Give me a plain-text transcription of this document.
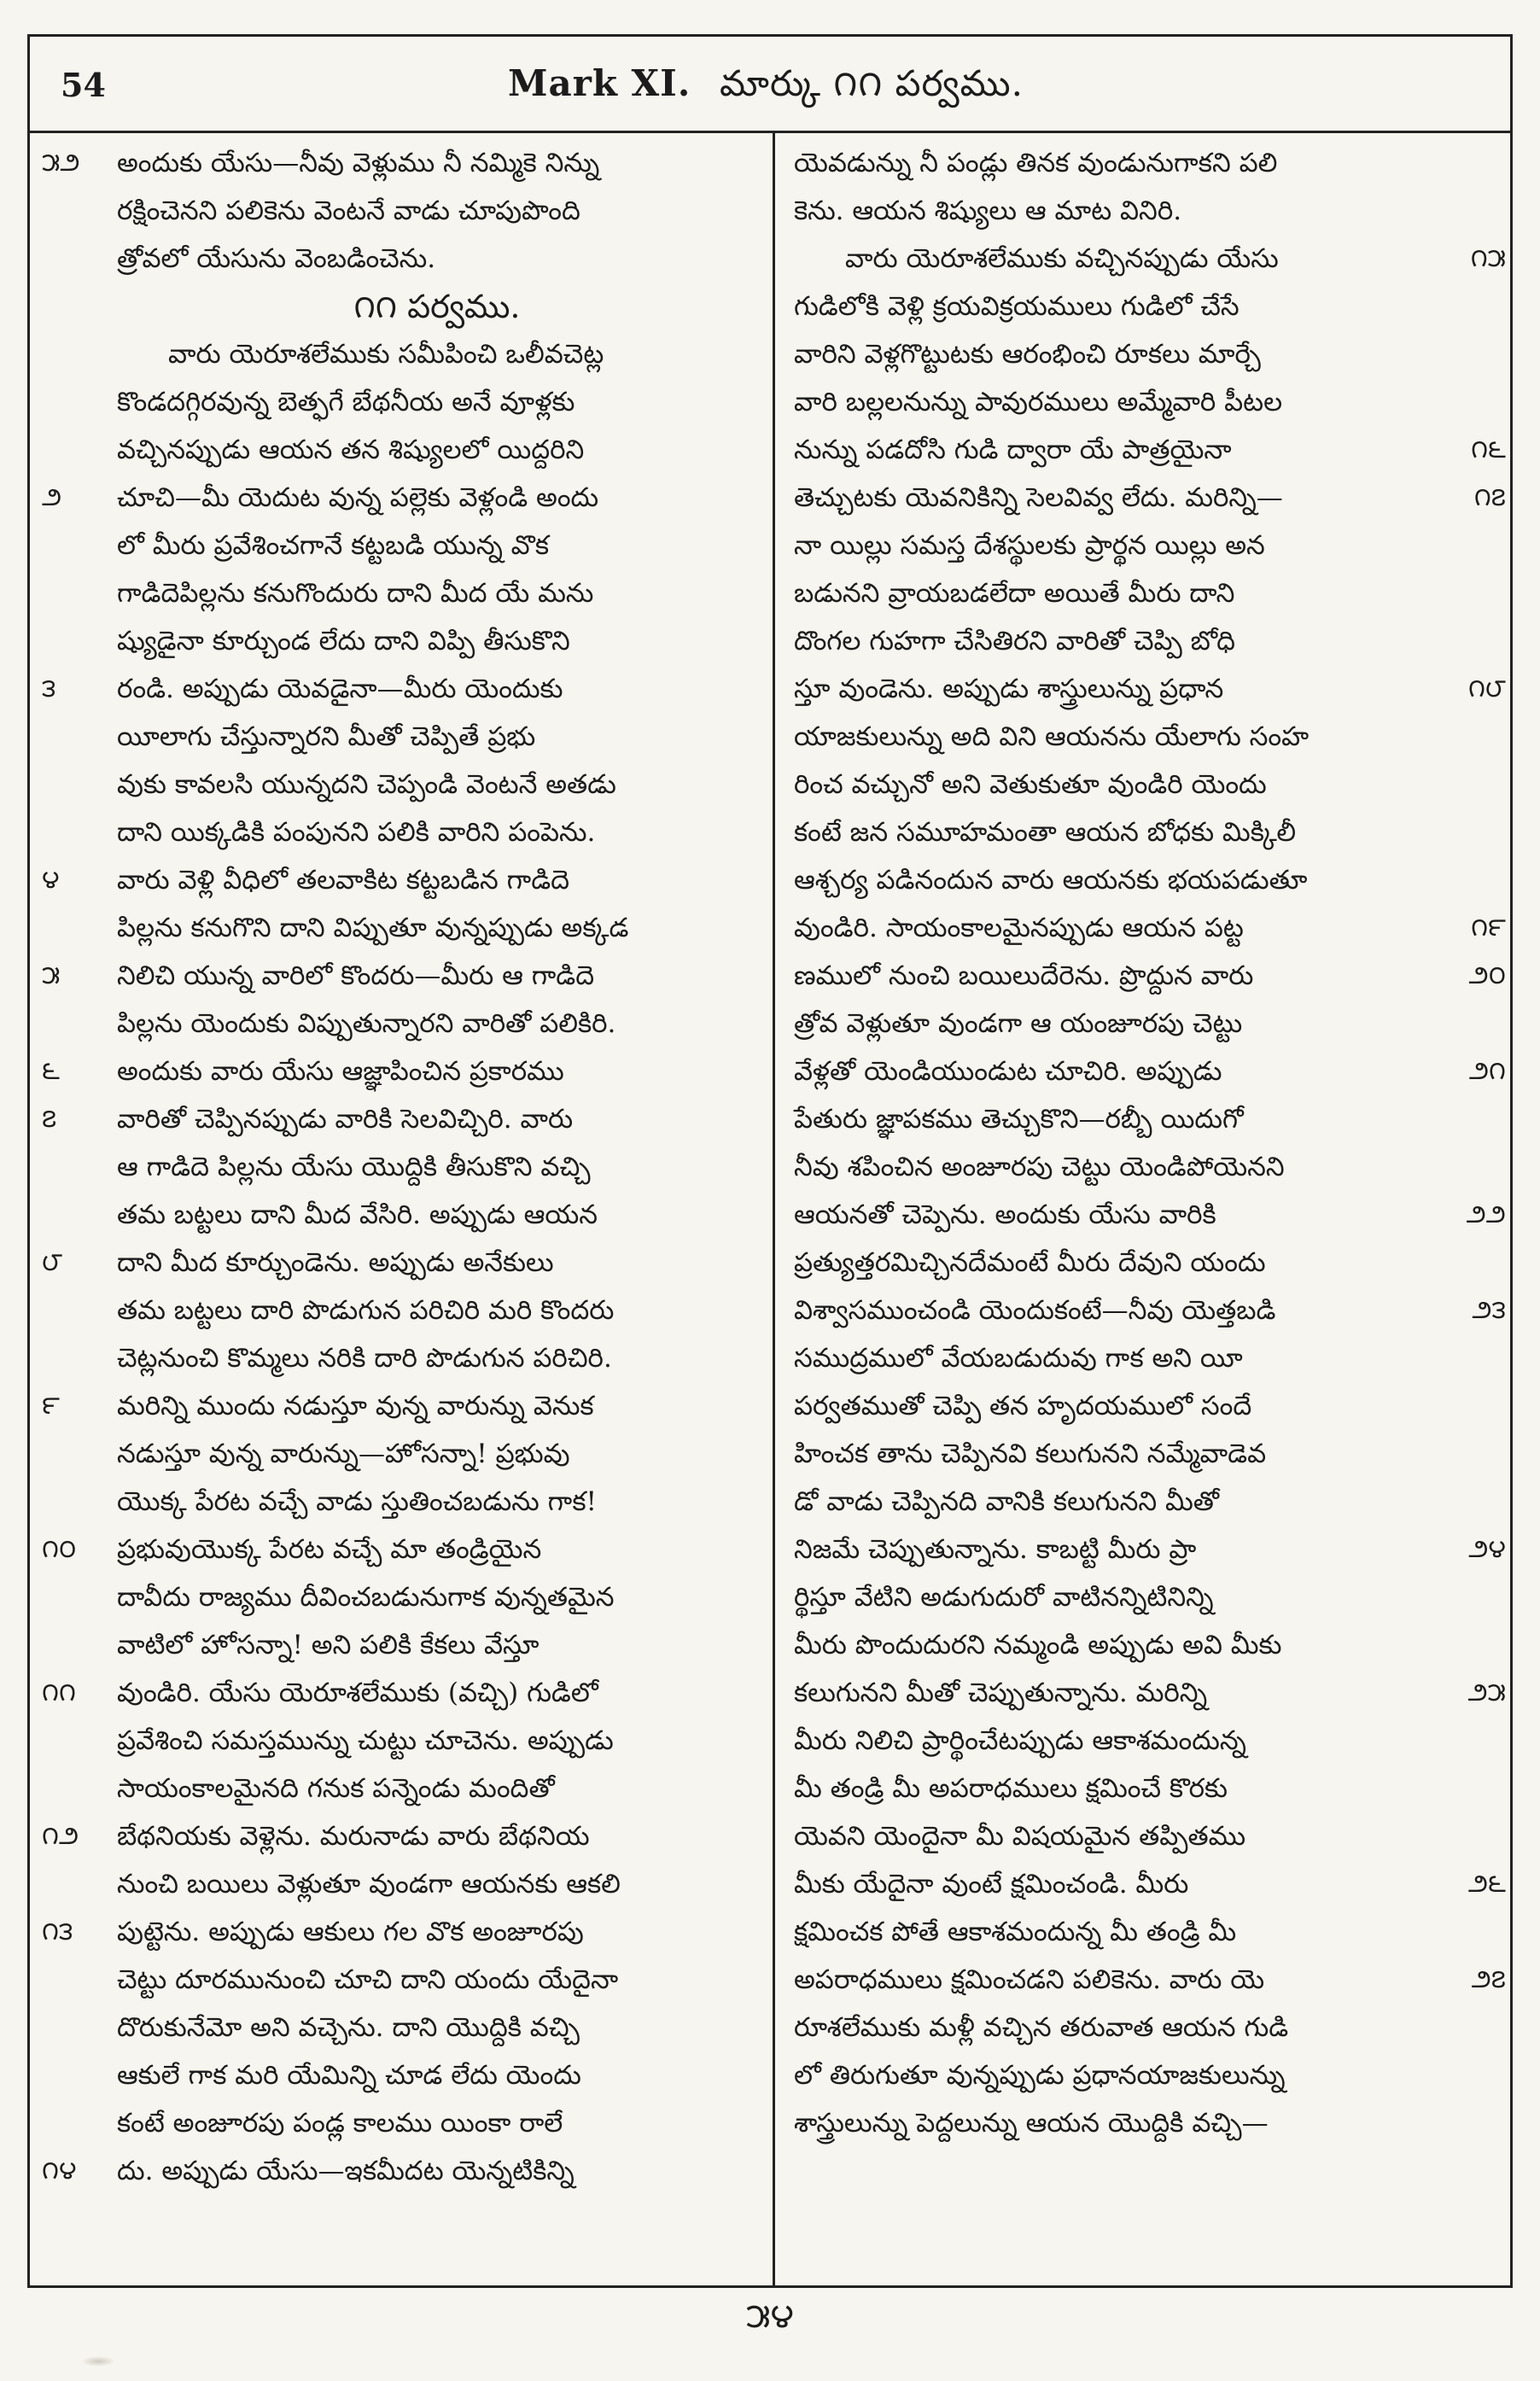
54	Mark XI. మార్కు ౧౧ పర్వము.
౫౨	అందుకు యేసు—నీవు వెళ్లుము నీ నమ్మికె నిన్ను
రక్షించెనని పలికెను వెంటనే వాడు చూపుపొంది
త్రోవలో యేసును వెంబడించెను.
౧౧ పర్వము.
వారు యెరూశలేముకు సమీపించి ఒలీవచెట్ల
కొండదగ్గిరవున్న బెత్ఫగే బేథనీయ అనే వూళ్లకు
వచ్చినప్పుడు ఆయన తన శిష్యులలో యిద్దరిని
౨	చూచి—మీ యెదుట వున్న పల్లెకు వెళ్లండి అందు
లో మీరు ప్రవేశించగానే కట్టబడి యున్న వొక
గాడిదెపిల్లను కనుగొందురు దాని మీద యే మను
ష్యుడైనా కూర్చుండ లేదు దాని విప్పి తీసుకొని
౩	రండి. అప్పుడు యెవడైనా—మీరు యెందుకు
యీలాగు చేస్తున్నారని మీతో చెప్పితే ప్రభు
వుకు కావలసి యున్నదని చెప్పండి వెంటనే అతడు
దాని యిక్కడికి పంపునని పలికి వారిని పంపెను.
౪	వారు వెళ్లి వీధిలో తలవాకిట కట్టబడిన గాడిదె
పిల్లను కనుగొని దాని విప్పుతూ వున్నప్పుడు అక్కడ
౫	నిలిచి యున్న వారిలో కొందరు—మీరు ఆ గాడిదె
పిల్లను యెందుకు విప్పుతున్నారని వారితో పలికిరి.
౬	అందుకు వారు యేసు ఆజ్ఞాపించిన ప్రకారము
౭	వారితో చెప్పినప్పుడు వారికి సెలవిచ్చిరి. వారు
ఆ గాడిదె పిల్లను యేసు యొద్దికి తీసుకొని వచ్చి
తమ బట్టలు దాని మీద వేసిరి. అప్పుడు ఆయన
౮	దాని మీద కూర్చుండెను. అప్పుడు అనేకులు
తమ బట్టలు దారి పొడుగున పరిచిరి మరి కొందరు
చెట్లనుంచి కొమ్మలు నరికి దారి పొడుగున పరిచిరి.
౯	మరిన్ని ముందు నడుస్తూ వున్న వారున్ను వెనుక
నడుస్తూ వున్న వారున్ను—హోసన్నా! ప్రభువు
యొక్క పేరట వచ్చే వాడు స్తుతించబడును గాక!
౧౦	ప్రభువుయొక్క పేరట వచ్చే మా తండ్రియైన
దావీదు రాజ్యము దీవించబడునుగాక వున్నతమైన
వాటిలో హోసన్నా! అని పలికి కేకలు వేస్తూ
౧౧	వుండిరి. యేసు యెరూశలేముకు (వచ్చి) గుడిలో
ప్రవేశించి సమస్తమున్ను చుట్టు చూచెను. అప్పుడు
సాయంకాలమైనది గనుక పన్నెండు మందితో
౧౨	బేథనియకు వెళ్లెను. మరునాడు వారు బేథనియ
నుంచి బయిలు వెళ్లుతూ వుండగా ఆయనకు ఆకలి
౧౩	పుట్టెను. అప్పుడు ఆకులు గల వొక అంజూరపు
చెట్టు దూరమునుంచి చూచి దాని యందు యేదైనా
దొరుకునేమో అని వచ్చెను. దాని యొద్దికి వచ్చి
ఆకులే గాక మరి యేమిన్ని చూడ లేదు యెందు
కంటే అంజూరపు పండ్ల కాలము యింకా రాలే
౧౪	దు. అప్పుడు యేసు—ఇకమీదట యెన్నటికిన్ని
యెవడున్ను నీ పండ్లు తినక వుండునుగాకని పలి
కెను. ఆయన శిష్యులు ఆ మాట వినిరి.
౧౫
వారు యెరూశలేముకు వచ్చినప్పుడు యేసు
గుడిలోకి వెళ్లి క్రయవిక్రయములు గుడిలో చేసే
వారిని వెళ్లగొట్టుటకు ఆరంభించి రూకలు మార్చే
వారి బల్లలనున్ను పావురములు అమ్మేవారి పీటల
౧౬
నున్ను పడదోసి గుడి ద్వారా యే పాత్రయైనా
౧౭
తెచ్చుటకు యెవనికిన్ని సెలవివ్వ లేదు. మరిన్ని—
నా యిల్లు సమస్త దేశస్థులకు ప్రార్థన యిల్లు అన
బడునని వ్రాయబడలేదా అయితే మీరు దాని
దొంగల గుహగా చేసితిరని వారితో చెప్పి బోధి
౧౮
స్తూ వుండెను. అప్పుడు శాస్త్రులున్ను ప్రధాన
యాజకులున్ను అది విని ఆయనను యేలాగు సంహ
రించ వచ్చునో అని వెతుకుతూ వుండిరి యెందు
కంటే జన సమూహమంతా ఆయన బోధకు మిక్కిలీ
ఆశ్చర్య పడినందున వారు ఆయనకు భయపడుతూ
౧౯
వుండిరి. సాయంకాలమైనప్పుడు ఆయన పట్ట
౨౦
ణములో నుంచి బయిలుదేరెను. ప్రొద్దున వారు
త్రోవ వెళ్లుతూ వుండగా ఆ యంజూరపు చెట్టు
౨౧
వేళ్లతో యెండియుండుట చూచిరి. అప్పుడు
పేతురు జ్ఞాపకము తెచ్చుకొని—రబ్బీ యిదుగో
నీవు శపించిన అంజూరపు చెట్టు యెండిపోయెనని
౨౨
ఆయనతో చెప్పెను. అందుకు యేసు వారికి
ప్రత్యుత్తరమిచ్చినదేమంటే మీరు దేవుని యందు
౨౩
విశ్వాసముంచండి యెందుకంటే—నీవు యెత్తబడి
సముద్రములో వేయబడుదువు గాక అని యీ
పర్వతముతో చెప్పి తన హృదయములో సందే
హించక తాను చెప్పినవి కలుగునని నమ్మేవాడెవ
డో వాడు చెప్పినది వానికి కలుగునని మీతో
౨౪
నిజమే చెప్పుతున్నాను. కాబట్టి మీరు ప్రా
ర్థిస్తూ వేటిని అడుగుదురో వాటినన్నిటినిన్ని
మీరు పొందుదురని నమ్మండి అప్పుడు అవి మీకు
౨౫
కలుగునని మీతో చెప్పుతున్నాను. మరిన్ని
మీరు నిలిచి ప్రార్థించేటప్పుడు ఆకాశమందున్న
మీ తండ్రి మీ అపరాధములు క్షమించే కొరకు
యెవని యెందైనా మీ విషయమైన తప్పితము
౨౬
మీకు యేదైనా వుంటే క్షమించండి. మీరు
క్షమించక పోతే ఆకాశమందున్న మీ తండ్రి మీ
౨౭
అపరాధములు క్షమించడని పలికెను. వారు యె
రూశలేముకు మళ్లీ వచ్చిన తరువాత ఆయన గుడి
లో తిరుగుతూ వున్నప్పుడు ప్రధానయాజకులున్ను
శాస్త్రులున్ను పెద్దలున్ను ఆయన యొద్దికి వచ్చి—
౫౪
